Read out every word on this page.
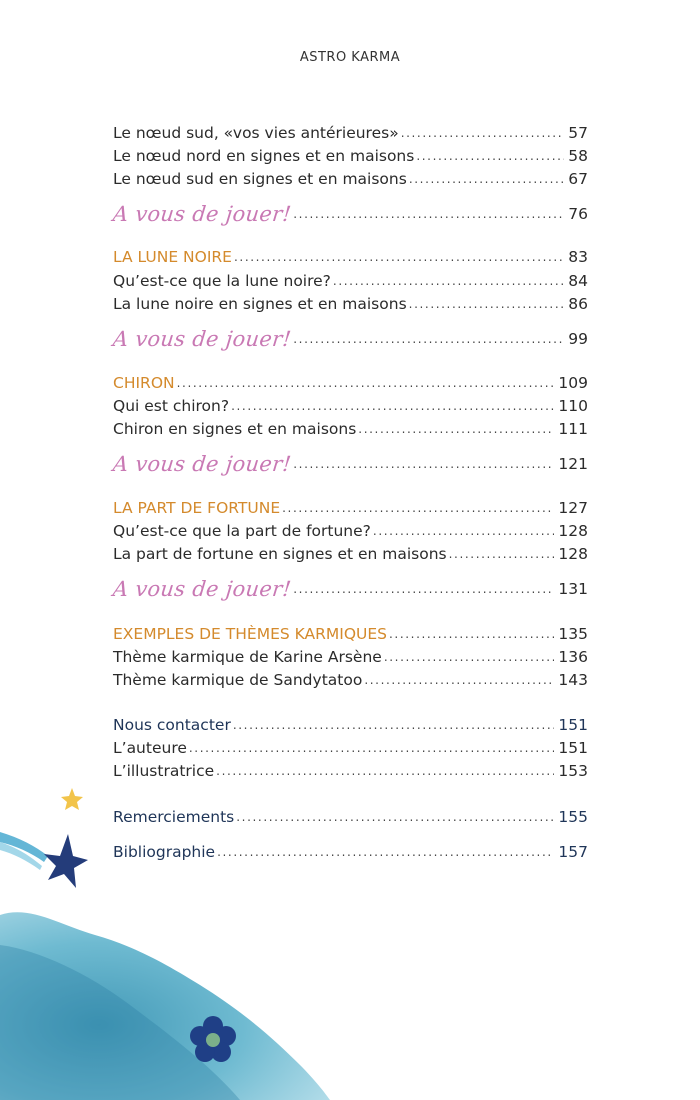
ASTRO KARMA
Le nœud sud, «vos vies antérieures» .....	57
Le nœud nord en signes et en maisons .....	58
Le nœud sud en signes et en maisons .....	67
A vous de jouer! .....	76
LA LUNE NOIRE .....	83
Qu’est-ce que la lune noire? .....	84
La lune noire en signes et en maisons .....	86
A vous de jouer! .....	99
CHIRON .....	109
Qui est chiron? .....	110
Chiron en signes et en maisons .....	111
A vous de jouer! .....	121
LA PART DE FORTUNE .....	127
Qu’est-ce que la part de fortune? .....	128
La part de fortune en signes et en maisons .....	128
A vous de jouer! .....	131
EXEMPLES DE THÈMES KARMIQUES .....	135
Thème karmique de Karine Arsène .....	136
Thème karmique de Sandytatoo .....	143
Nous contacter .....	151
L’auteure .....	151
L’illustratrice .....	153
Remerciements .....	155
Bibliographie .....	157
